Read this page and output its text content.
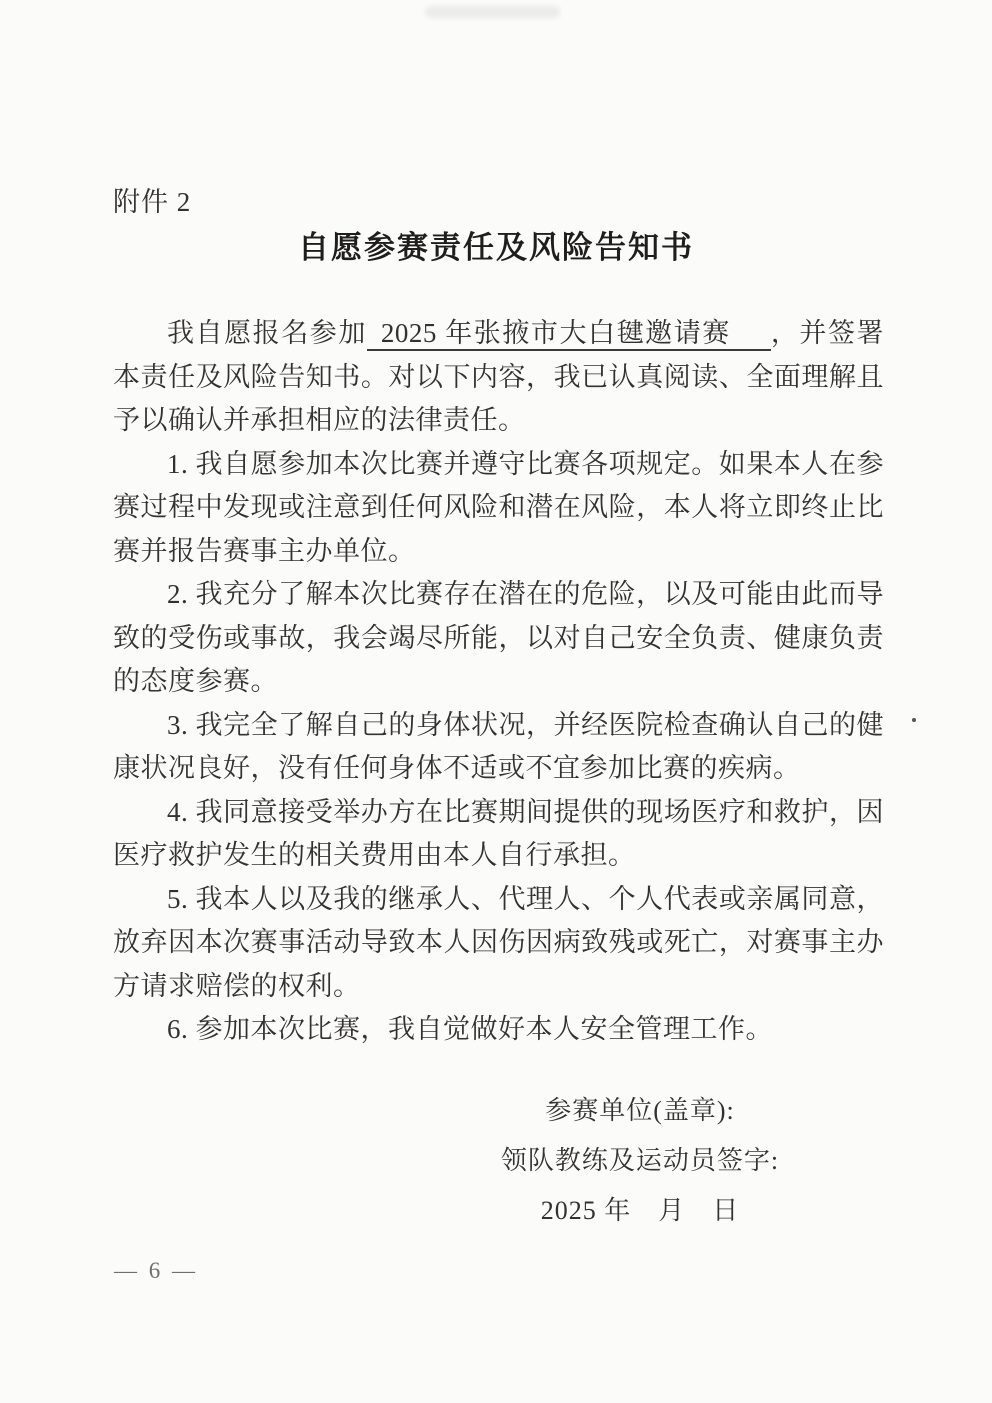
附件 2
自愿参赛责任及风险告知书

我自愿报名参加 2025 年张掖市大白毽邀请赛 ，并签署本责任及风险告知书。对以下内容，我已认真阅读、全面理解且予以确认并承担相应的法律责任。

1. 我自愿参加本次比赛并遵守比赛各项规定。如果本人在参赛过程中发现或注意到任何风险和潜在风险，本人将立即终止比赛并报告赛事主办单位。

2. 我充分了解本次比赛存在潜在的危险，以及可能由此而导致的受伤或事故，我会竭尽所能，以对自己安全负责、健康负责的态度参赛。

3. 我完全了解自己的身体状况，并经医院检查确认自己的健康状况良好，没有任何身体不适或不宜参加比赛的疾病。

4. 我同意接受举办方在比赛期间提供的现场医疗和救护，因医疗救护发生的相关费用由本人自行承担。

5. 我本人以及我的继承人、代理人、个人代表或亲属同意，放弃因本次赛事活动导致本人因伤因病致残或死亡，对赛事主办方请求赔偿的权利。

6. 参加本次比赛，我自觉做好本人安全管理工作。

参赛单位(盖章):
领队教练及运动员签字:
2025 年　月　日
— 6 —
